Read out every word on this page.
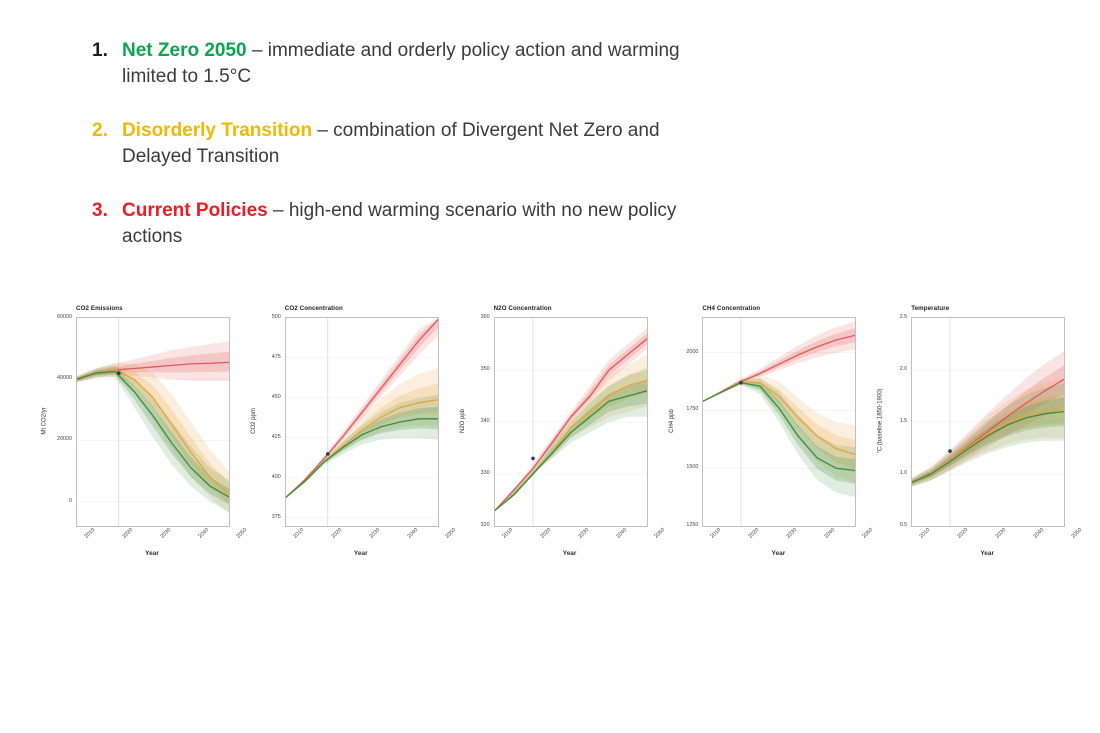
1. Net Zero 2050 – immediate and orderly policy action and warming limited to 1.5°C
2. Disorderly Transition – combination of Divergent Net Zero and Delayed Transition
3. Current Policies – high-end warming scenario with no new policy actions
CO2 Emissions
Mt CO2/yr
Year
0
20000
40000
60000
2010	2020	2030	2040	2050
CO2 Concentration
CO2 ppm
Year
375
400
425
450
475
500
2010	2020	2030	2040	2050
N2O Concentration
N2O ppb
Year
320
330
340
350
360
2010	2020	2030	2040	2050
CH4 Concentration
CH4 ppb
Year
1250
1500
1750
2000
2010	2020	2030	2040	2050
Temperature
°C (baseline 1850-1900)
Year
0.5
1.0
1.5
2.0
2.5
2010	2020	2030	2040	2050
